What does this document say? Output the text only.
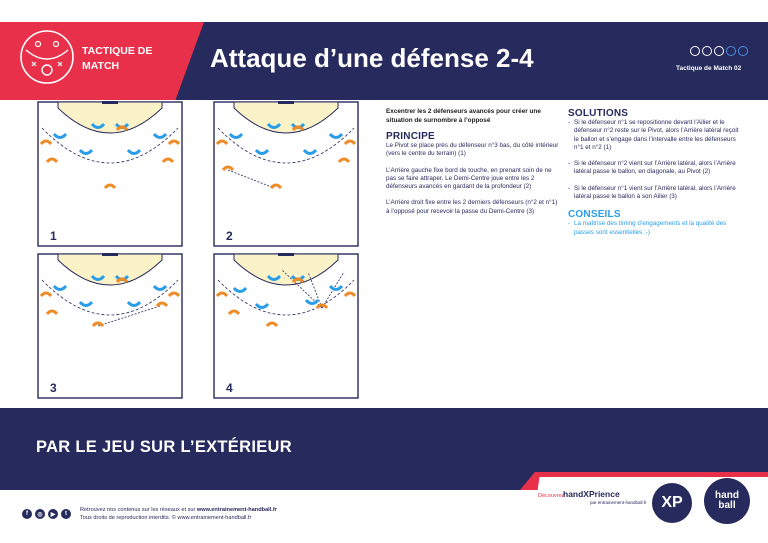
TACTIQUE DE
MATCH	Attaque d’une défense 2-4	Tactique de Match 02
1	2
3	4
Excentrer les 2 défenseurs avancés pour créer une situation de surnombre à l’opposé
PRINCIPE
Le Pivot se place près du défenseur n°3 bas, du côté intérieur (vers le centre du terrain) (1)
L’Arrière gauche fixe bord de touche, en prenant soin de ne pas se faire attraper. Le Demi-Centre joue entre les 2 défenseurs avancés en gardant de la profondeur (2)
L’Arrière droit fixe entre les 2 derniers défenseurs (n°2 et n°1) à l’opposé pour recevoir la passe du Demi-Centre (3)
SOLUTIONS
- Si le défenseur n°1 se repositionne devant l’Ailier et le défenseur n°2 reste sur le Pivot, alors l’Arrière latéral reçoit le ballon et s’engage dans l’intervalle entre les défenseurs n°1 et n°2 (1)
- Si le défenseur n°2 vient sur l’Arrière latéral, alors l’Arrière latéral passe le ballon, en diagonale, au Pivot (2)
- Si le défenseur n°1 vient sur l’Arrière latéral, alors l’Arrière latéral passe le ballon à son Ailier (3)
CONSEILS
- La maîtrise des timing d’engagements et la qualité des passes sont essentielles ;-)
PAR LE JEU SUR L’EXTÉRIEUR
Découvrez
handXPrience
par entrainement-handball.fr XP	hand
ball
f	◎	▶	t
Retrouvez nos contenus sur les réseaux et sur www.entrainement-handball.fr
Tous droits de reproduction interdits. © www.entrainement-handball.fr
